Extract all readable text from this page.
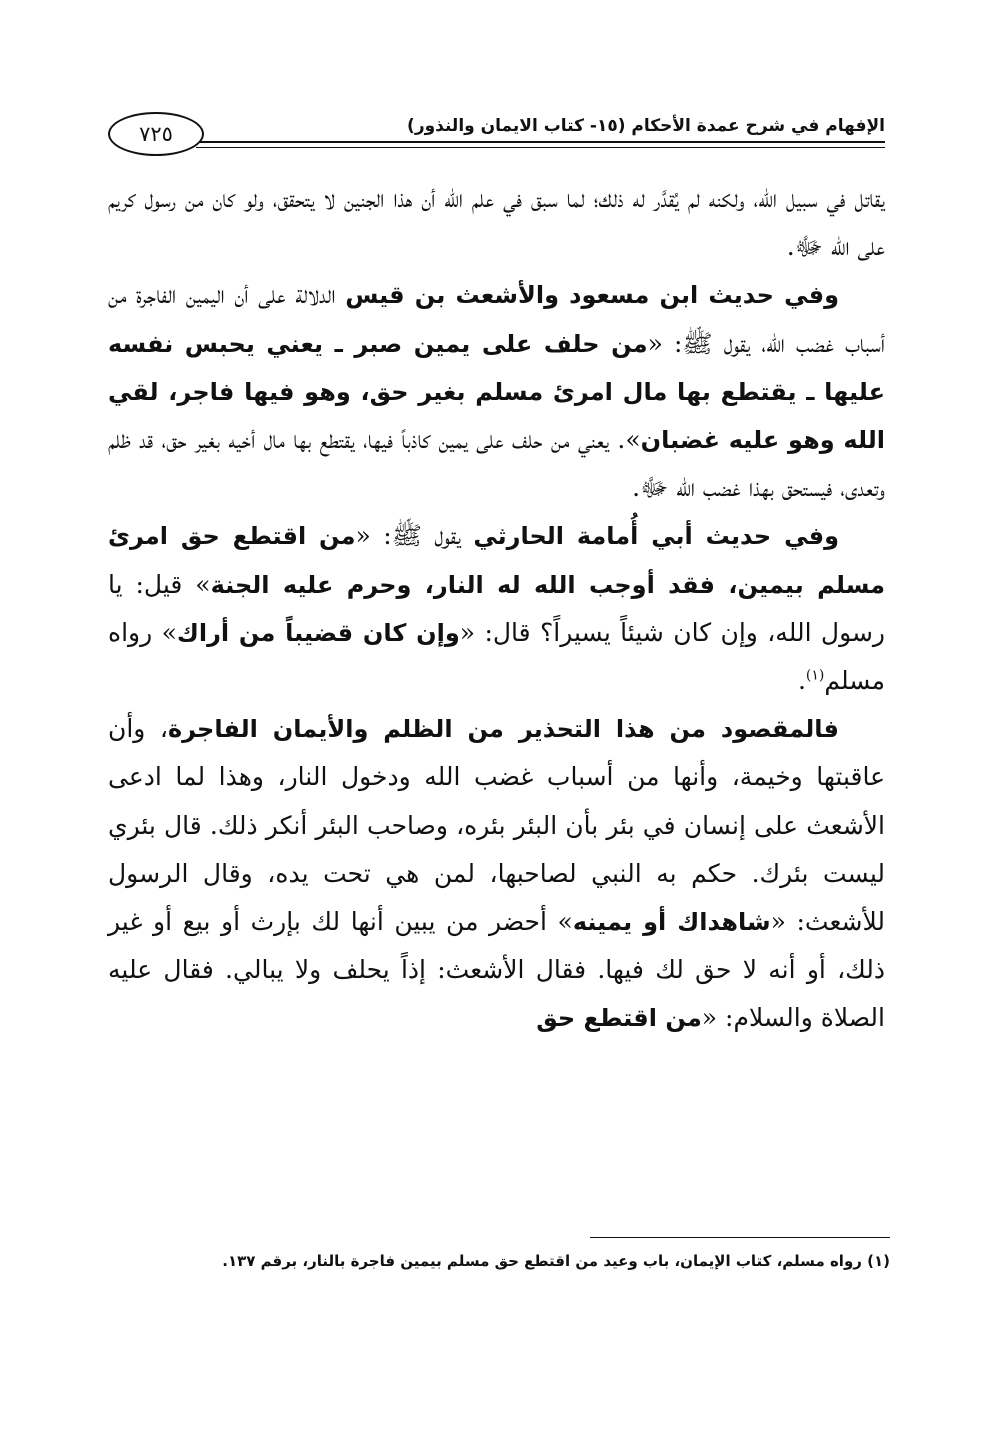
٧٢٥	الإفهام في شرح عمدة الأحكام (١٥- كتاب الايمان والنذور)

يقاتل في سبيل الله، ولكنه لم يُقدَّر له ذلك؛ لما سبق في علم الله أن هذا الجنين لا يتحقق، ولو كان من رسول كريم على الله ﷻ.

وفي حديث ابن مسعود والأشعث بن قيس الدلالة على أن اليمين الفاجرة من أسباب غضب الله، يقول ﷺ: «من حلف على يمين صبر ـ يعني يحبس نفسه عليها ـ يقتطع بها مال امرئ مسلم بغير حق، وهو فيها فاجر، لقي الله وهو عليه غضبان». يعني من حلف على يمين كاذباً فيها، يقتطع بها مال أخيه بغير حق، قد ظلم وتعدى، فيستحق بهذا غضب الله ﷻ.

وفي حديث أبي أُمامة الحارثي يقول ﷺ: «من اقتطع حق امرئ مسلم بيمين، فقد أوجب الله له النار، وحرم عليه الجنة» قيل: يا رسول الله، وإن كان شيئاً يسيراً؟ قال: «وإن كان قضيباً من أراك» رواه مسلم$^{(١)}$.

فالمقصود من هذا التحذير من الظلم والأيمان الفاجرة، وأن عاقبتها وخيمة، وأنها من أسباب غضب الله ودخول النار، وهذا لما ادعى الأشعث على إنسان في بئر بأن البئر بئره، وصاحب البئر أنكر ذلك. قال بئري ليست بئرك. حكم به النبي لصاحبها، لمن هي تحت يده، وقال الرسول للأشعث: «شاهداك أو يمينه» أحضر من يبين أنها لك بإرث أو بيع أو غير ذلك، أو أنه لا حق لك فيها. فقال الأشعث: إذاً يحلف ولا يبالي. فقال عليه الصلاة والسلام: «من اقتطع حق

(١) رواه مسلم، كتاب الإيمان، باب وعيد من اقتطع حق مسلم بيمين فاجرة بالنار، برقم ١٣٧.
